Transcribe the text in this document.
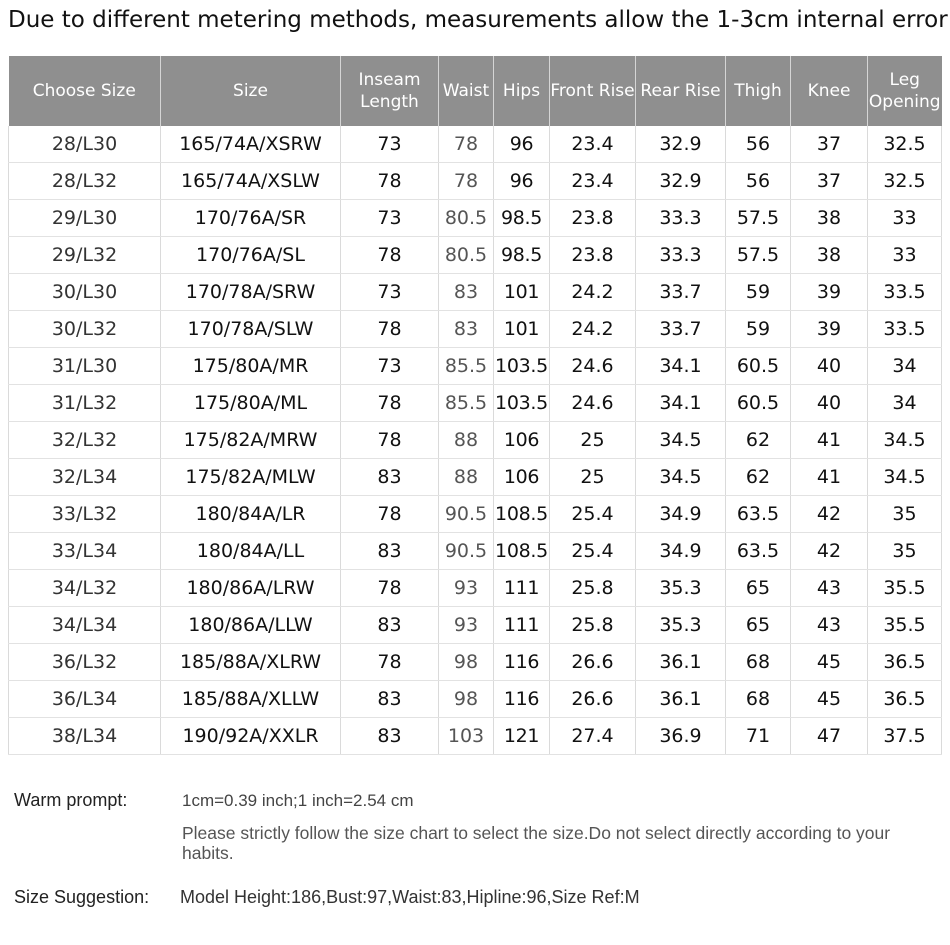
Due to different metering methods, measurements allow the 1-3cm internal error
Choose Size	Size	Inseam Length	Waist	Hips	Front Rise	Rear Rise	Thigh	Knee	Leg Opening
28/L30	165/74A/XSRW	73	78	96	23.4	32.9	56	37	32.5
28/L32	165/74A/XSLW	78	78	96	23.4	32.9	56	37	32.5
29/L30	170/76A/SR	73	80.5	98.5	23.8	33.3	57.5	38	33
29/L32	170/76A/SL	78	80.5	98.5	23.8	33.3	57.5	38	33
30/L30	170/78A/SRW	73	83	101	24.2	33.7	59	39	33.5
30/L32	170/78A/SLW	78	83	101	24.2	33.7	59	39	33.5
31/L30	175/80A/MR	73	85.5	103.5	24.6	34.1	60.5	40	34
31/L32	175/80A/ML	78	85.5	103.5	24.6	34.1	60.5	40	34
32/L32	175/82A/MRW	78	88	106	25	34.5	62	41	34.5
32/L34	175/82A/MLW	83	88	106	25	34.5	62	41	34.5
33/L32	180/84A/LR	78	90.5	108.5	25.4	34.9	63.5	42	35
33/L34	180/84A/LL	83	90.5	108.5	25.4	34.9	63.5	42	35
34/L32	180/86A/LRW	78	93	111	25.8	35.3	65	43	35.5
34/L34	180/86A/LLW	83	93	111	25.8	35.3	65	43	35.5
36/L32	185/88A/XLRW	78	98	116	26.6	36.1	68	45	36.5
36/L34	185/88A/XLLW	83	98	116	26.6	36.1	68	45	36.5
38/L34	190/92A/XXLR	83	103	121	27.4	36.9	71	47	37.5
Warm prompt:	1cm=0.39 inch;1 inch=2.54 cm
Please strictly follow the size chart to select the size.Do not select directly according to your habits.
Size Suggestion: Model Height:186,Bust:97,Waist:83,Hipline:96,Size Ref:M
